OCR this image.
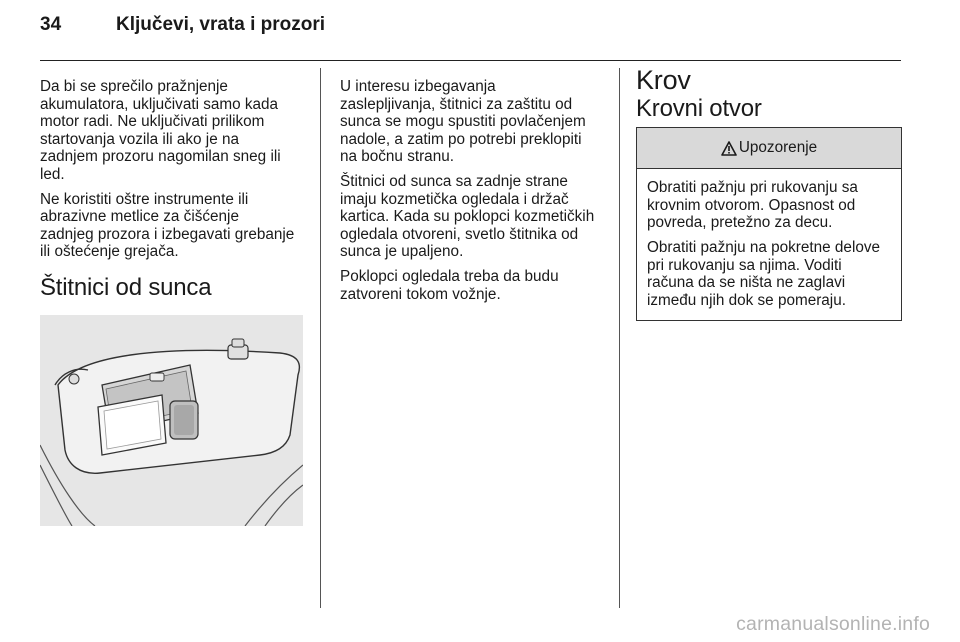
34	Ključevi, vrata i prozori

Da bi se sprečilo pražnjenje
akumulatora, uključivati samo kada
motor radi. Ne uključivati prilikom
startovanja vozila ili ako je na
zadnjem prozoru nagomilan sneg ili
led.

Ne koristiti oštre instrumente ili
abrazivne metlice za čišćenje
zadnjeg prozora i izbegavati grebanje
ili oštećenje grejača.

Štitnici od sunca

U interesu izbegavanja
zaslepljivanja, štitnici za zaštitu od
sunca se mogu spustiti povlačenjem
nadole, a zatim po potrebi preklopiti
na bočnu stranu.

Štitnici od sunca sa zadnje strane
imaju kozmetička ogledala i držač
kartica. Kada su poklopci kozmetičkih
ogledala otvoreni, svetlo štitnika od
sunca je upaljeno.

Poklopci ogledala treba da budu
zatvoreni tokom vožnje.

Krov
Krovni otvor
Upozorenje

Obratiti pažnju pri rukovanju sa
krovnim otvorom. Opasnost od
povreda, pretežno za decu.

Obratiti pažnju na pokretne delove
pri rukovanju sa njima. Voditi
računa da se ništa ne zaglavi
između njih dok se pomeraju.

carmanualsonline.info
